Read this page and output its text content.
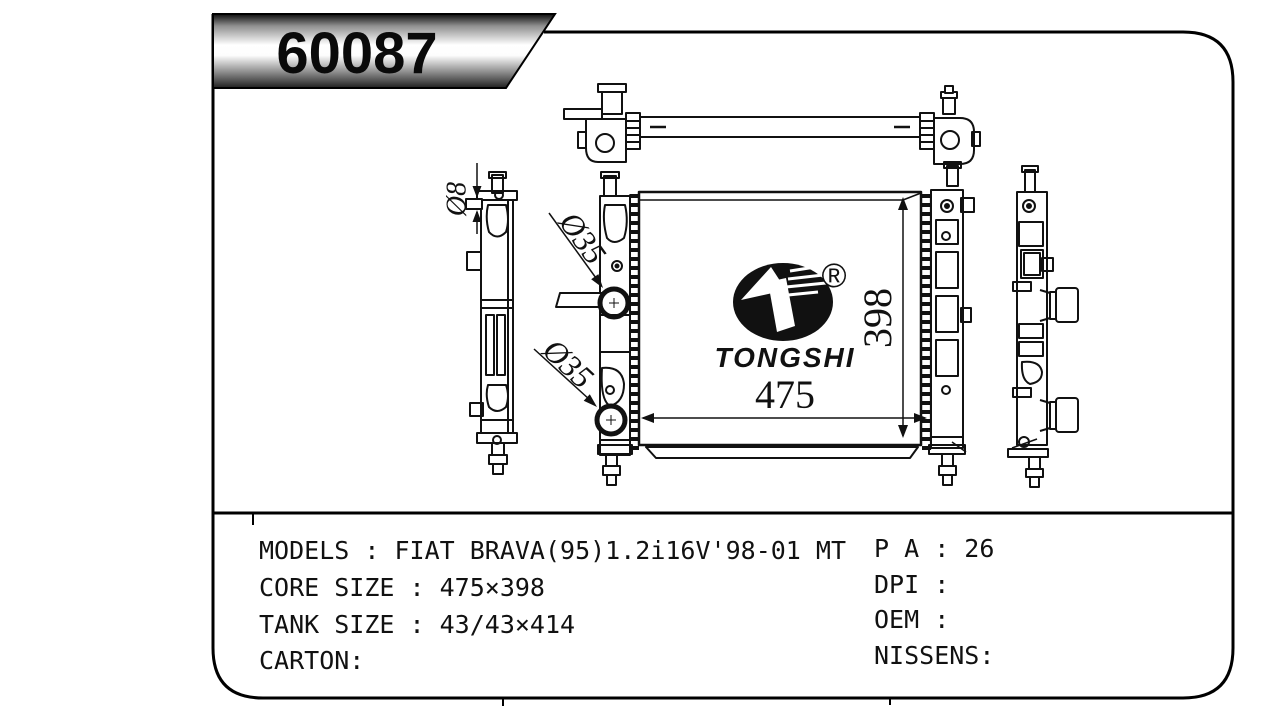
60087
Ø8
398
475
Ø35
Ø35
®
TONGSHI
MODELS : FIAT BRAVA(95)1.2i16V'98-01 MT
CORE SIZE : 475×398
TANK SIZE : 43/43×414
CARTON:
P A : 26
DPI :
OEM :
NISSENS:
